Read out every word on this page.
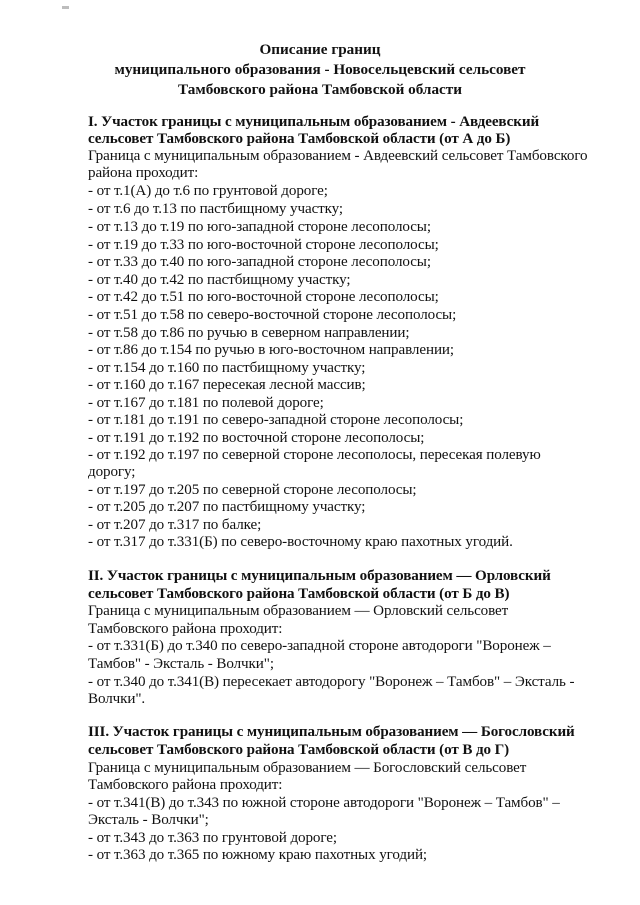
Описание границ
муниципального образования - Новосельцевский сельсовет
Тамбовского района Тамбовской области
I. Участок границы с муниципальным образованием - Авдеевский
сельсовет Тамбовского района Тамбовской области (от А до Б)
Граница с муниципальным образованием - Авдеевский сельсовет Тамбовского
района проходит:
- от т.1(А) до т.6 по грунтовой дороге;
- от т.6 до т.13 по пастбищному участку;
- от т.13 до т.19 по юго-западной стороне лесополосы;
- от т.19 до т.33 по юго-восточной стороне лесополосы;
- от т.33 до т.40 по юго-западной стороне лесополосы;
- от т.40 до т.42 по пастбищному участку;
- от т.42 до т.51 по юго-восточной стороне лесополосы;
- от т.51 до т.58 по северо-восточной стороне лесополосы;
- от т.58 до т.86 по ручью в северном направлении;
- от т.86 до т.154 по ручью в юго-восточном направлении;
- от т.154 до т.160 по пастбищному участку;
- от т.160 до т.167 пересекая лесной массив;
- от т.167 до т.181 по полевой дороге;
- от т.181 до т.191 по северо-западной стороне лесополосы;
- от т.191 до т.192 по восточной стороне лесополосы;
- от т.192 до т.197 по северной стороне лесополосы, пересекая полевую
дорогу;
- от т.197 до т.205 по северной стороне лесополосы;
- от т.205 до т.207 по пастбищному участку;
- от т.207 до т.317 по балке;
- от т.317 до т.331(Б) по северо-восточному краю пахотных угодий.
II. Участок границы с муниципальным образованием — Орловский
сельсовет Тамбовского района Тамбовской области (от Б до В)
Граница с муниципальным образованием — Орловский сельсовет
Тамбовского района проходит:
- от т.331(Б) до т.340 по северо-западной стороне автодороги "Воронеж –
Тамбов" - Эксталь - Волчки";
- от т.340 до т.341(В) пересекает автодорогу "Воронеж – Тамбов" – Эксталь -
Волчки".
III. Участок границы с муниципальным образованием — Богословский
сельсовет Тамбовского района Тамбовской области (от В до Г)
Граница с муниципальным образованием — Богословский сельсовет
Тамбовского района проходит:
- от т.341(В) до т.343 по южной стороне автодороги "Воронеж – Тамбов" –
Эксталь - Волчки";
- от т.343 до т.363 по грунтовой дороге;
- от т.363 до т.365 по южному краю пахотных угодий;
